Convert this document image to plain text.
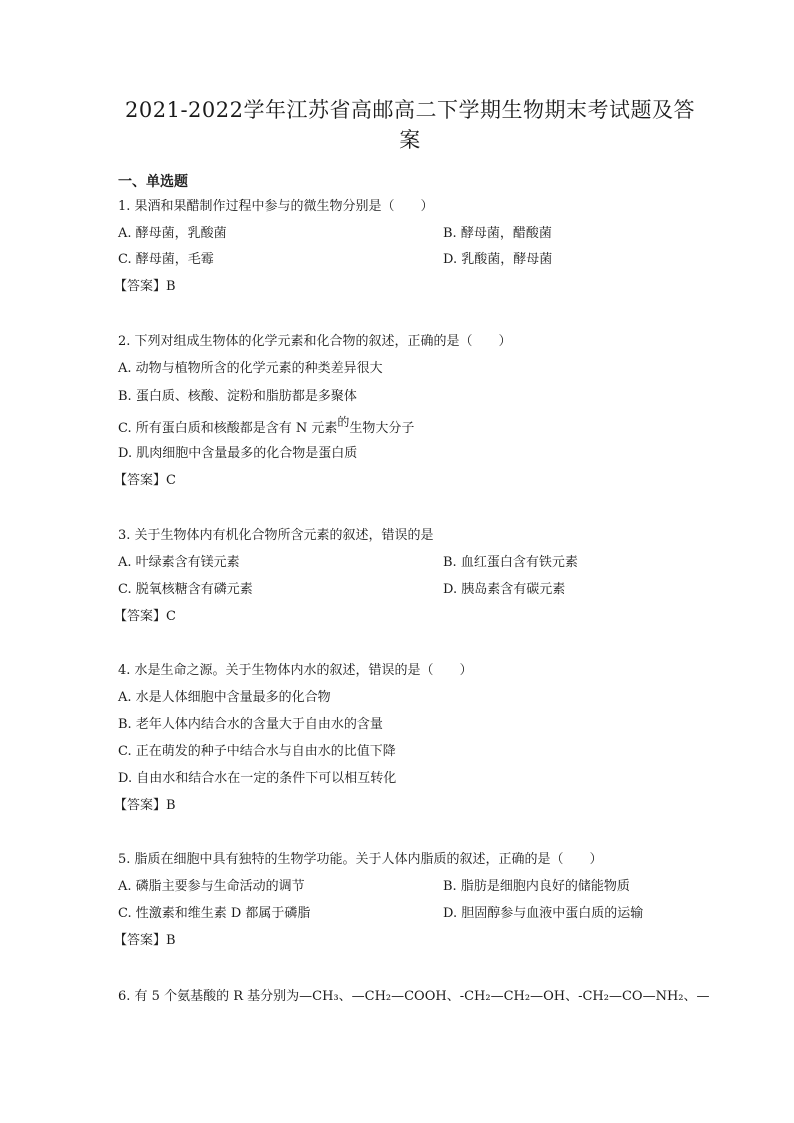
2021-2022学年江苏省高邮高二下学期生物期末考试题及答
案
一、单选题
1. 果酒和果醋制作过程中参与的微生物分别是（　　）
A. 酵母菌，乳酸菌	B. 酵母菌，醋酸菌
C. 酵母菌，毛霉	D. 乳酸菌，酵母菌
【答案】B
2. 下列对组成生物体的化学元素和化合物的叙述，正确的是（　　）
A. 动物与植物所含的化学元素的种类差异很大
B. 蛋白质、核酸、淀粉和脂肪都是多聚体
C. 所有蛋白质和核酸都是含有 N 元素的生物大分子
D. 肌肉细胞中含量最多的化合物是蛋白质
【答案】C
3. 关于生物体内有机化合物所含元素的叙述，错误的是
A. 叶绿素含有镁元素	B. 血红蛋白含有铁元素
C. 脱氧核糖含有磷元素	D. 胰岛素含有碳元素
【答案】C
4. 水是生命之源。关于生物体内水的叙述，错误的是（　　）
A. 水是人体细胞中含量最多的化合物
B. 老年人体内结合水的含量大于自由水的含量
C. 正在萌发的种子中结合水与自由水的比值下降
D. 自由水和结合水在一定的条件下可以相互转化
【答案】B
5. 脂质在细胞中具有独特的生物学功能。关于人体内脂质的叙述，正确的是（　　）
A. 磷脂主要参与生命活动的调节	B. 脂肪是细胞内良好的储能物质
C. 性激素和维生素 D 都属于磷脂	D. 胆固醇参与血液中蛋白质的运输
【答案】B
6. 有 5 个氨基酸的 R 基分别为—CH₃、—CH₂—COOH、-CH₂—CH₂—OH、-CH₂—CO—NH₂、—
